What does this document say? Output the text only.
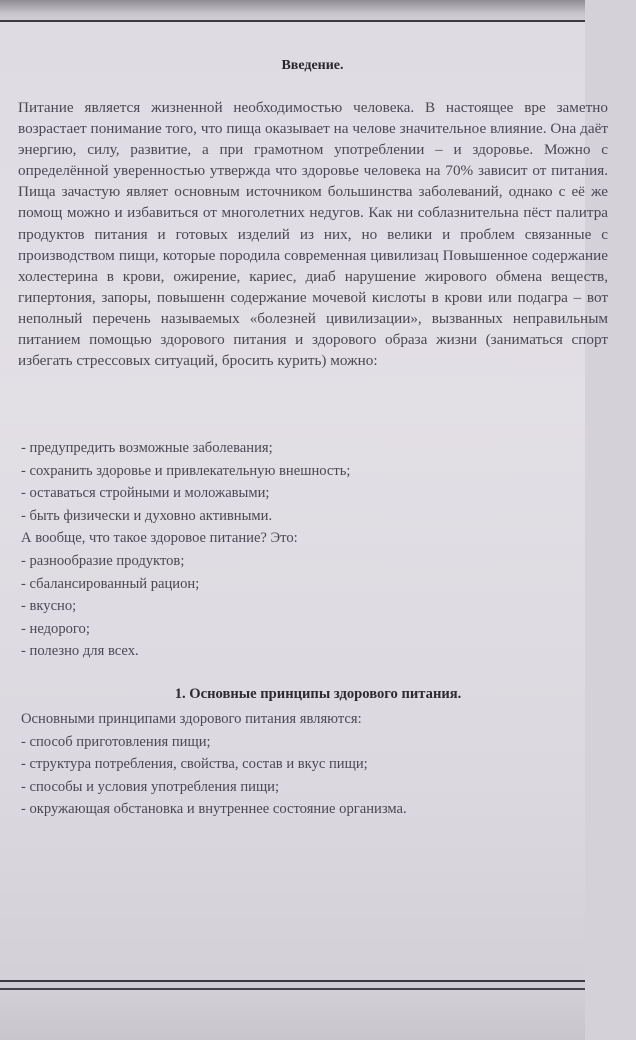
Введение.

Питание является жизненной необходимостью человека. В настоящее вре заметно возрастает понимание того, что пища оказывает на челове значительное влияние. Она даёт энергию, силу, развитие, а при грамотном употреблении – и здоровье. Можно с определённой уверенностью утвержда что здоровье человека на 70% зависит от питания. Пища зачастую являет основным источником большинства заболеваний, однако с её же помощ можно и избавиться от многолетних недугов. Как ни соблазнительна пёст палитра продуктов питания и готовых изделий из них, но велики и проблем связанные с производством пищи, которые породила современная цивилизац Повышенное содержание холестерина в крови, ожирение, кариес, диаб нарушение жирового обмена веществ, гипертония, запоры, повышенн содержание мочевой кислоты в крови или подагра – вот неполный перечень называемых «болезней цивилизации», вызванных неправильным питанием помощью здорового питания и здорового образа жизни (заниматься спорт избегать стрессовых ситуаций, бросить курить) можно:

- предупредить возможные заболевания;
- сохранить здоровье и привлекательную внешность;
- оставаться стройными и моложавыми;
- быть физически и духовно активными.
А вообще, что такое здоровое питание? Это:
- разнообразие продуктов;
- сбалансированный рацион;
- вкусно;
- недорого;
- полезно для всех.
1. Основные принципы здорового питания.
Основными принципами здорового питания являются:
- способ приготовления пищи;
- структура потребления, свойства, состав и вкус пищи;
- способы и условия употребления пищи;
- окружающая обстановка и внутреннее состояние организма.
